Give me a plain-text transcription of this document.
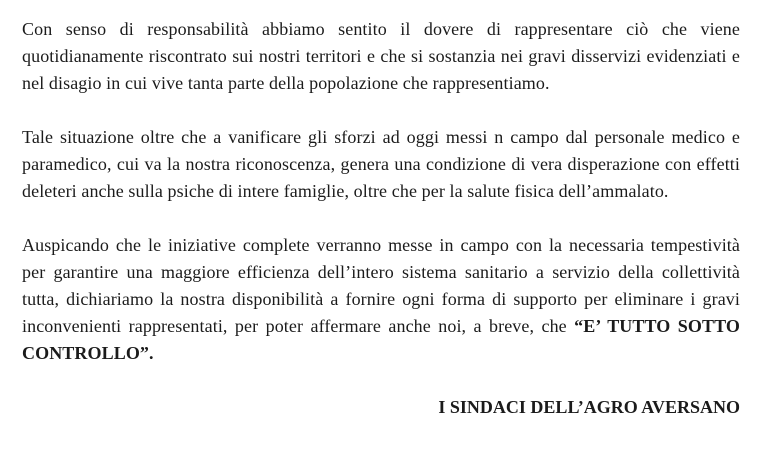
Con senso di responsabilità abbiamo sentito il dovere di rappresentare ciò che viene quotidianamente riscontrato sui nostri territori e che si sostanzia nei gravi disservizi evidenziati e nel disagio in cui vive tanta parte della popolazione che rappresentiamo.

Tale situazione oltre che a vanificare gli sforzi ad oggi messi n campo dal personale medico e paramedico, cui va la nostra riconoscenza, genera una condizione di vera disperazione con effetti deleteri anche sulla psiche di intere famiglie, oltre che per la salute fisica dell’ammalato.

Auspicando che le iniziative complete verranno messe in campo con la necessaria tempestività per garantire una maggiore efficienza dell’intero sistema sanitario a servizio della collettività tutta, dichiariamo la nostra disponibilità a fornire ogni forma di supporto per eliminare i gravi inconvenienti rappresentati, per poter affermare anche noi, a breve, che “E’ TUTTO SOTTO CONTROLLO”.

I SINDACI DELL’AGRO AVERSANO
